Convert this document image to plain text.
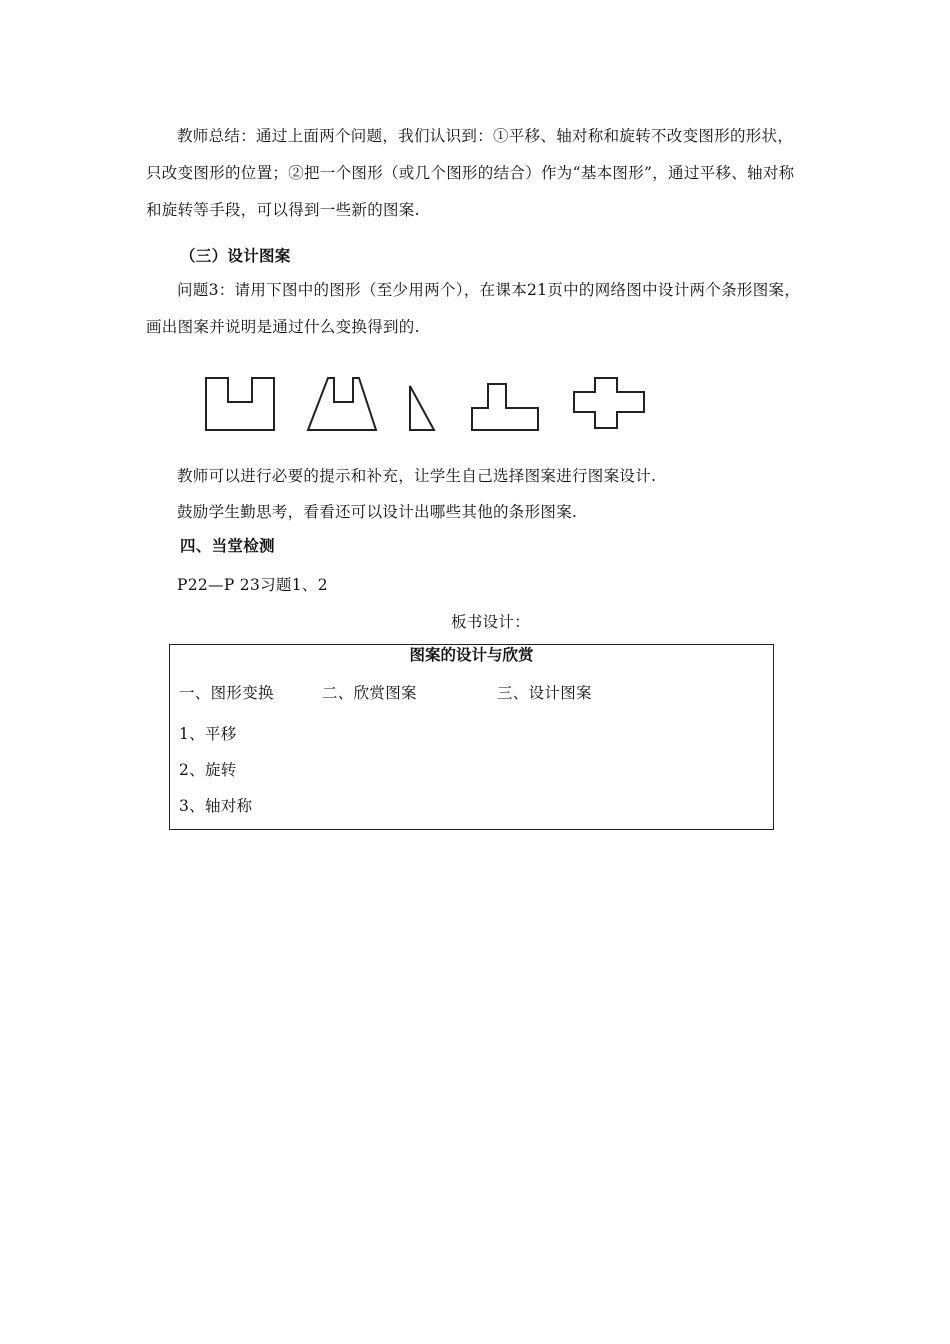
教师总结：通过上面两个问题，我们认识到：①平移、轴对称和旋转不改变图形的形状，只改变图形的位置；②把一个图形（或几个图形的结合）作为“基本图形”，通过平移、轴对称和旋转等手段，可以得到一些新的图案.

（三）设计图案

问题3：请用下图中的图形（至少用两个），在课本21页中的网络图中设计两个条形图案，画出图案并说明是通过什么变换得到的.

教师可以进行必要的提示和补充，让学生自己选择图案进行图案设计.

鼓励学生勤思考，看看还可以设计出哪些其他的条形图案.

四、当堂检测

P22—P 23习题1、2

板书设计：

图案的设计与欣赏
一、图形变换	二、欣赏图案	三、设计图案
1、平移
2、旋转
3、轴对称
